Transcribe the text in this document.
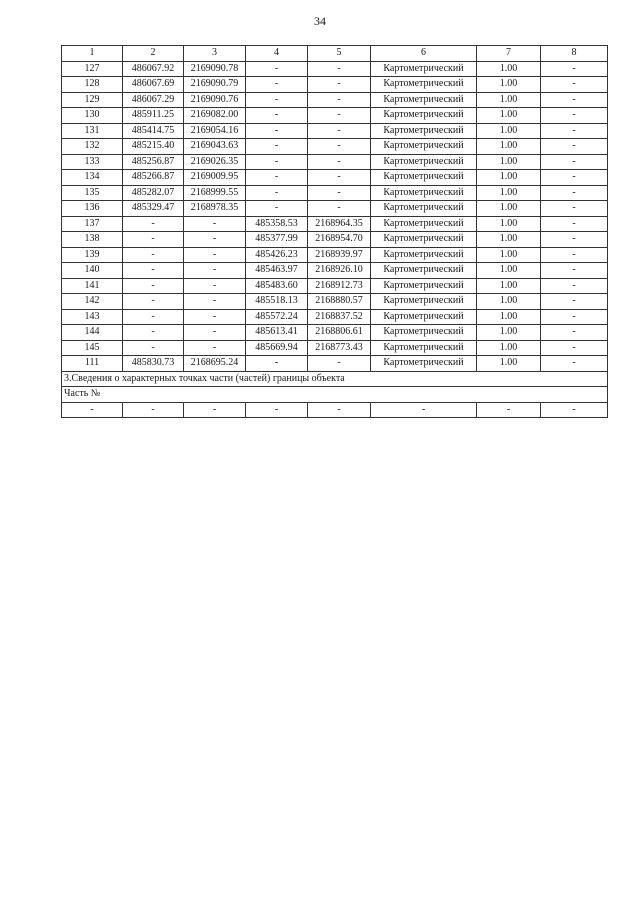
34
1	2	3	4	5	6	7	8
127	486067.92	2169090.78	-	-	Картометрический	1.00	-
128	486067.69	2169090.79	-	-	Картометрический	1.00	-
129	486067.29	2169090.76	-	-	Картометрический	1.00	-
130	485911.25	2169082.00	-	-	Картометрический	1.00	-
131	485414.75	2169054.16	-	-	Картометрический	1.00	-
132	485215.40	2169043.63	-	-	Картометрический	1.00	-
133	485256.87	2169026.35	-	-	Картометрический	1.00	-
134	485266.87	2169009.95	-	-	Картометрический	1.00	-
135	485282.07	2168999.55	-	-	Картометрический	1.00	-
136	485329.47	2168978.35	-	-	Картометрический	1.00	-
137	-	-	485358.53	2168964.35	Картометрический	1.00	-
138	-	-	485377.99	2168954.70	Картометрический	1.00	-
139	-	-	485426.23	2168939.97	Картометрический	1.00	-
140	-	-	485463.97	2168926.10	Картометрический	1.00	-
141	-	-	485483.60	2168912.73	Картометрический	1.00	-
142	-	-	485518.13	2168880.57	Картометрический	1.00	-
143	-	-	485572.24	2168837.52	Картометрический	1.00	-
144	-	-	485613.41	2168806.61	Картометрический	1.00	-
145	-	-	485669.94	2168773.43	Картометрический	1.00	-
111	485830.73	2168695.24	-	-	Картометрический	1.00	-
3.Сведения о характерных точках части (частей) границы объекта							
Часть №							
-	-	-	-	-	-	-	-
